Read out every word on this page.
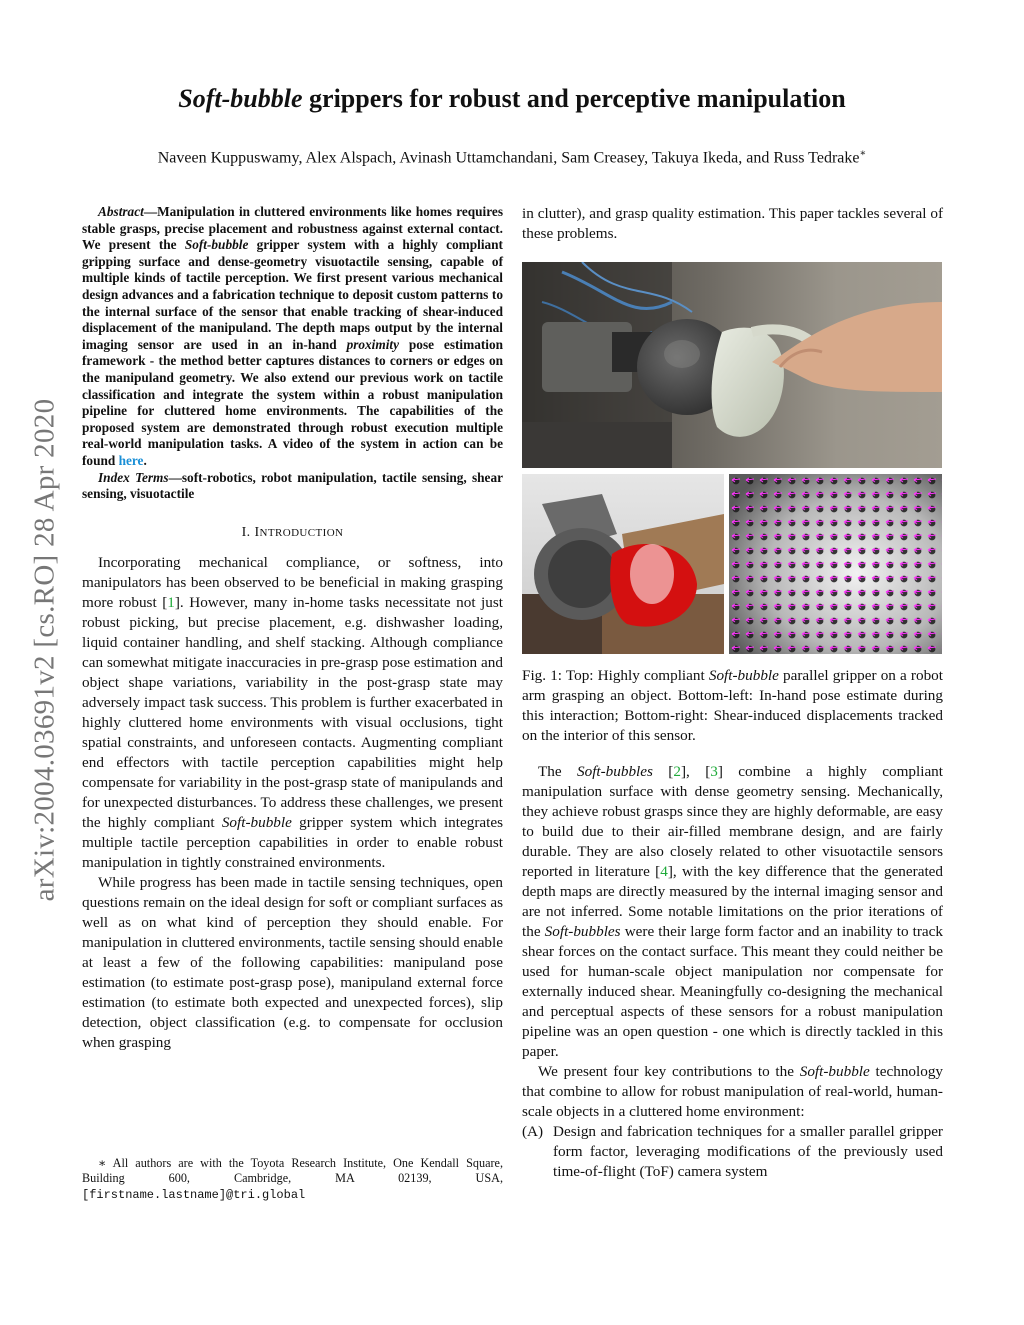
arXiv:2004.03691v2 [cs.RO] 28 Apr 2020
Soft-bubble grippers for robust and perceptive manipulation

Naveen Kuppuswamy, Alex Alspach, Avinash Uttamchandani, Sam Creasey, Takuya Ikeda, and Russ Tedrake∗

Abstract—Manipulation in cluttered environments like homes requires stable grasps, precise placement and robustness against external contact. We present the Soft-bubble gripper system with a highly compliant gripping surface and dense-geometry visuotactile sensing, capable of multiple kinds of tactile perception. We first present various mechanical design advances and a fabrication technique to deposit custom patterns to the internal surface of the sensor that enable tracking of shear-induced displacement of the manipuland. The depth maps output by the internal imaging sensor are used in an in-hand proximity pose estimation framework - the method better captures distances to corners or edges on the manipuland geometry. We also extend our previous work on tactile classification and integrate the system within a robust manipulation pipeline for cluttered home environments. The capabilities of the proposed system are demonstrated through robust execution multiple real-world manipulation tasks. A video of the system in action can be found here.

Index Terms—soft-robotics, robot manipulation, tactile sensing, shear sensing, visuotactile

I. INTRODUCTION

Incorporating mechanical compliance, or softness, into manipulators has been observed to be beneficial in making grasping more robust [1]. However, many in-home tasks necessitate not just robust picking, but precise placement, e.g. dishwasher loading, liquid container handling, and shelf stacking. Although compliance can somewhat mitigate inaccuracies in pre-grasp pose estimation and object shape variations, variability in the post-grasp state may adversely impact task success. This problem is further exacerbated in highly cluttered home environments with visual occlusions, tight spatial constraints, and unforeseen contacts. Augmenting compliant end effectors with tactile perception capabilities might help compensate for variability in the post-grasp state of manipulands and for unexpected disturbances. To address these challenges, we present the highly compliant Soft-bubble gripper system which integrates multiple tactile perception capabilities in order to enable robust manipulation in tightly constrained environments.

While progress has been made in tactile sensing techniques, open questions remain on the ideal design for soft or compliant surfaces as well as on what kind of perception they should enable. For manipulation in cluttered environments, tactile sensing should enable at least a few of the following capabilities: manipuland pose estimation (to estimate post-grasp pose), manipuland external force estimation (to estimate both expected and unexpected forces), slip detection, object classification (e.g. to compensate for occlusion when grasping

∗ All authors are with the Toyota Research Institute, One Kendall Square, Building 600, Cambridge, MA 02139, USA, [firstname.lastname]@tri.global

in clutter), and grasp quality estimation. This paper tackles several of these problems.

Fig. 1: Top: Highly compliant Soft-bubble parallel gripper on a robot arm grasping an object. Bottom-left: In-hand pose estimate during this interaction; Bottom-right: Shear-induced displacements tracked on the interior of this sensor.

The Soft-bubbles [2], [3] combine a highly compliant manipulation surface with dense geometry sensing. Mechanically, they achieve robust grasps since they are highly deformable, are easy to build due to their air-filled membrane design, and are fairly durable. They are also closely related to other visuotactile sensors reported in literature [4], with the key difference that the generated depth maps are directly measured by the internal imaging sensor and are not inferred. Some notable limitations on the prior iterations of the Soft-bubbles were their large form factor and an inability to track shear forces on the contact surface. This meant they could neither be used for human-scale object manipulation nor compensate for externally induced shear. Meaningfully co-designing the mechanical and perceptual aspects of these sensors for a robust manipulation pipeline was an open question - one which is directly tackled in this paper.

We present four key contributions to the Soft-bubble technology that combine to allow for robust manipulation of real-world, human-scale objects in a cluttered home environment:

(A) Design and fabrication techniques for a smaller parallel gripper form factor, leveraging modifications of the previously used time-of-flight (ToF) camera system
